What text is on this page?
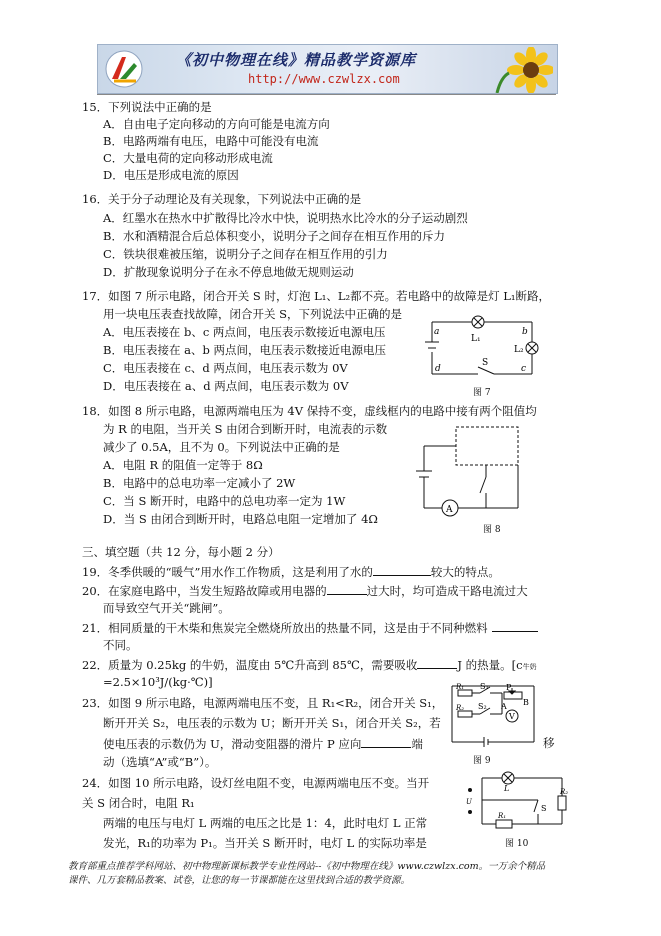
《初中物理在线》精品教学资源库
http://www.czwlzx.com
15．下列说法中正确的是
A．自由电子定向移动的方向可能是电流方向
B．电路两端有电压，电路中可能没有电流
C．大量电荷的定向移动形成电流
D．电压是形成电流的原因
16．关于分子动理论及有关现象，下列说法中正确的是
A．红墨水在热水中扩散得比冷水中快，说明热水比冷水的分子运动剧烈
B．水和酒精混合后总体积变小，说明分子之间存在相互作用的斥力
C．铁块很难被压缩，说明分子之间存在相互作用的引力
D．扩散现象说明分子在永不停息地做无规则运动
17．如图 7 所示电路，闭合开关 S 时，灯泡 L₁、L₂都不亮。若电路中的故障是灯 L₁断路，
用一块电压表查找故障，闭合开关 S，下列说法中正确的是
A．电压表接在 b、c 两点间，电压表示数接近电源电压
B．电压表接在 a、b 两点间，电压表示数接近电源电压
C．电压表接在 c、d 两点间，电压表示数为 0V
D．电压表接在 a、d 两点间，电压表示数为 0V
a	b
c
d
L₁
L₂
S
图 7
18．如图 8 所示电路，电源两端电压为 4V 保持不变，虚线框内的电路中接有两个阻值均
为 R 的电阻，当开关 S 由闭合到断开时，电流表的示数
减少了 0.5A，且不为 0。下列说法中正确的是
A．电阻 R 的阻值一定等于 8Ω
B．电路中的总电功率一定减小了 2W
C．当 S 断开时，电路中的总电功率一定为 1W
D．当 S 由闭合到断开时，电路总电阻一定增加了 4Ω
A
图 8
三、填空题（共 12 分，每小题 2 分）
19．冬季供暖的“暖气”用水作工作物质，这是利用了水的	较大的特点。
20．在家庭电路中，当发生短路故障或用电器的	过大时，均可造成干路电流过大
而导致空气开关“跳闸”。
21．相同质量的干木柴和焦炭完全燃烧所放出的热量不同，这是由于不同种燃料
不同。
22．质量为 0.25kg 的牛奶，温度由 5℃升高到 85℃，需要吸收	J 的热量。[c牛奶
=2.5×10³J/(kg·℃)]
23．如图 9 所示电路，电源两端电压不变，且 R₁<R₂，闭合开关 S₁，
断开开关 S₂，电压表的示数为 U；断开开关 S₁，闭合开关 S₂，若
使电压表的示数仍为 U，滑动变阻器的滑片 P 应向	端	移
动（选填“A”或“B”）。
R₁
R₂
S₁
S₂
P
A B
V
图 9
24．如图 10 所示电路，设灯丝电阻不变，电源两端电压不变。当开
关 S 闭合时，电阻 R₁
两端的电压与电灯 L 两端的电压之比是 1：4，此时电灯 L 正常
发光，R₁的功率为 P₁。当开关 S 断开时，电灯 L 的实际功率是
L
R₁
R₂
S
U
图 10
教育部重点推荐学科网站、初中物理新课标教学专业性网站--《初中物理在线》www.czwlzx.com。一万余个精品
课件、几万套精品教案、试卷，让您的每一节课都能在这里找到合适的教学资源。
